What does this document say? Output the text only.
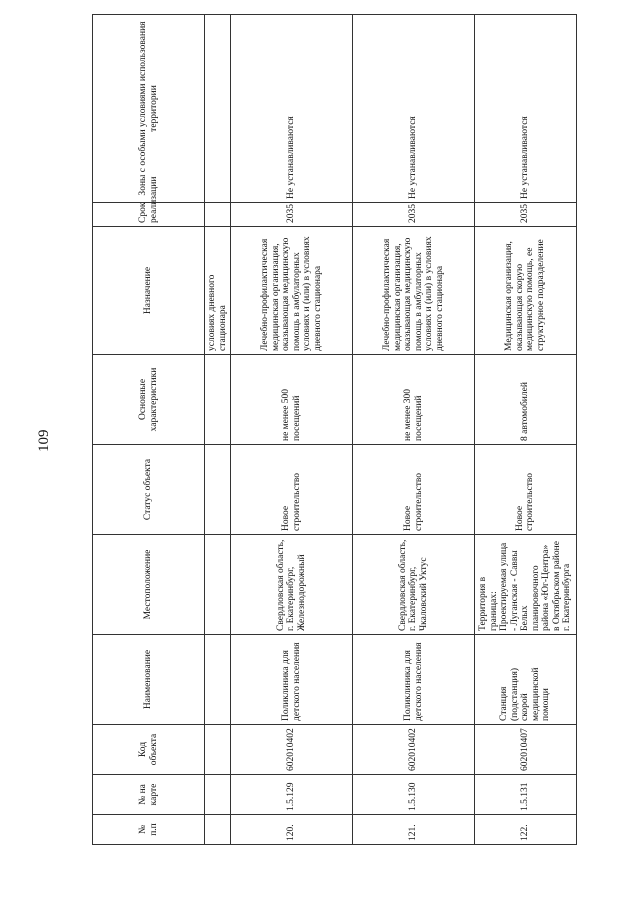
109
№ п.п	№ на карте	Код объекта	Наименование	Местоположение	Статус объекта	Основные характеристики	Назначение	Срок реализации	Зоны с особыми условиями использования территории
							условиях дневного стационара		
120.	1.5.129	602010402	Поликлиника для детского населения	Свердловская область, г. Екатеринбург, Железнодорожный	Новое строительство	не менее 500 посещений	Лечебно-профилактическая медицинская организация, оказывающая медицинскую помощь в амбулаторных условиях и (или) в условиях дневного стационара	2035	Не устанавливаются
121.	1.5.130	602010402	Поликлиника для детского населения	Свердловская область, г. Екатеринбург, Чкаловский Уктус	Новое строительство	не менее 300 посещений	Лечебно-профилактическая медицинская организация, оказывающая медицинскую помощь в амбулаторных условиях и (или) в условиях дневного стационара	2035	Не устанавливаются
122.	1.5.131	602010407	Станция (подстанция) скорой медицинской помощи	Территория в границах: Проектируемая улица - Луганская - Саввы Белых планировочного района «Юг-Центра» в Октябрьском районе г. Екатеринбурга	Новое строительство	8 автомобилей	Медицинская организация, оказывающая скорую медицинскую помощь, ее структурное подразделение	2035	Не устанавливаются
